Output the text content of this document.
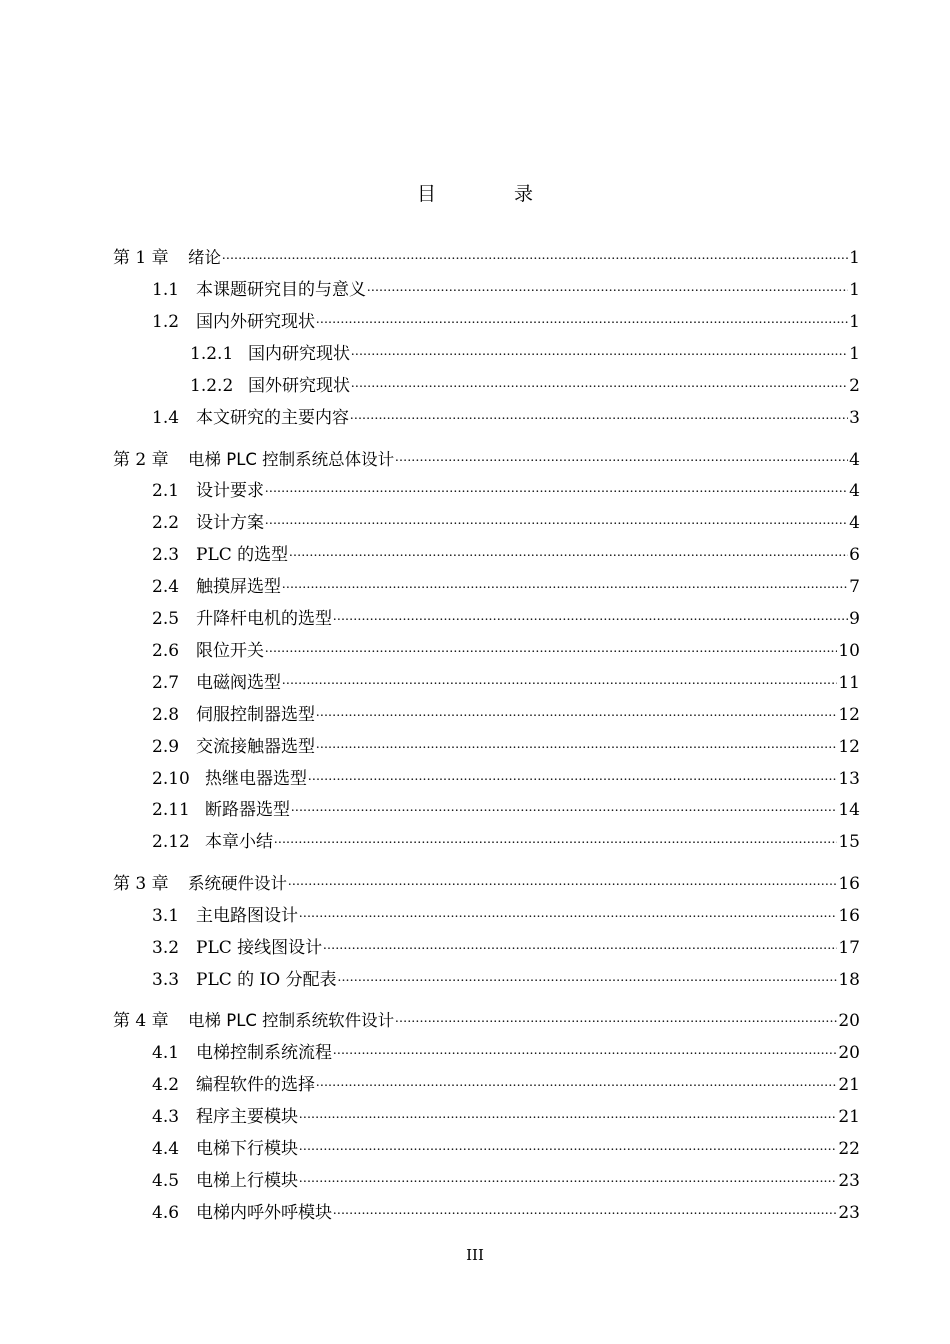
目 录
第 1 章	绪论 .....	1
1.1 本课题研究目的与意义 .....	1
1.2 国内外研究现状 .....	1
1.2.1 国内研究现状 .....	1
1.2.2 国外研究现状 .....	2
1.4 本文研究的主要内容 .....	3
第 2 章	电梯 PLC 控制系统总体设计 .....	4
2.1 设计要求 .....	4
2.2 设计方案 .....	4
2.3 PLC 的选型 .....	6
2.4 触摸屏选型 .....	7
2.5 升降杆电机的选型 .....	9
2.6 限位开关 .....	10
2.7 电磁阀选型 .....	11
2.8 伺服控制器选型 .....	12
2.9 交流接触器选型 .....	12
2.10 热继电器选型 .....	13
2.11 断路器选型 .....	14
2.12 本章小结 .....	15
第 3 章	系统硬件设计 .....	16
3.1 主电路图设计 .....	16
3.2 PLC 接线图设计 .....	17
3.3 PLC 的 IO 分配表 .....	18
第 4 章	电梯 PLC 控制系统软件设计 .....	20
4.1 电梯控制系统流程 .....	20
4.2 编程软件的选择 .....	21
4.3 程序主要模块 .....	21
4.4 电梯下行模块 .....	22
4.5 电梯上行模块 .....	23
4.6 电梯内呼外呼模块 .....	23
III
